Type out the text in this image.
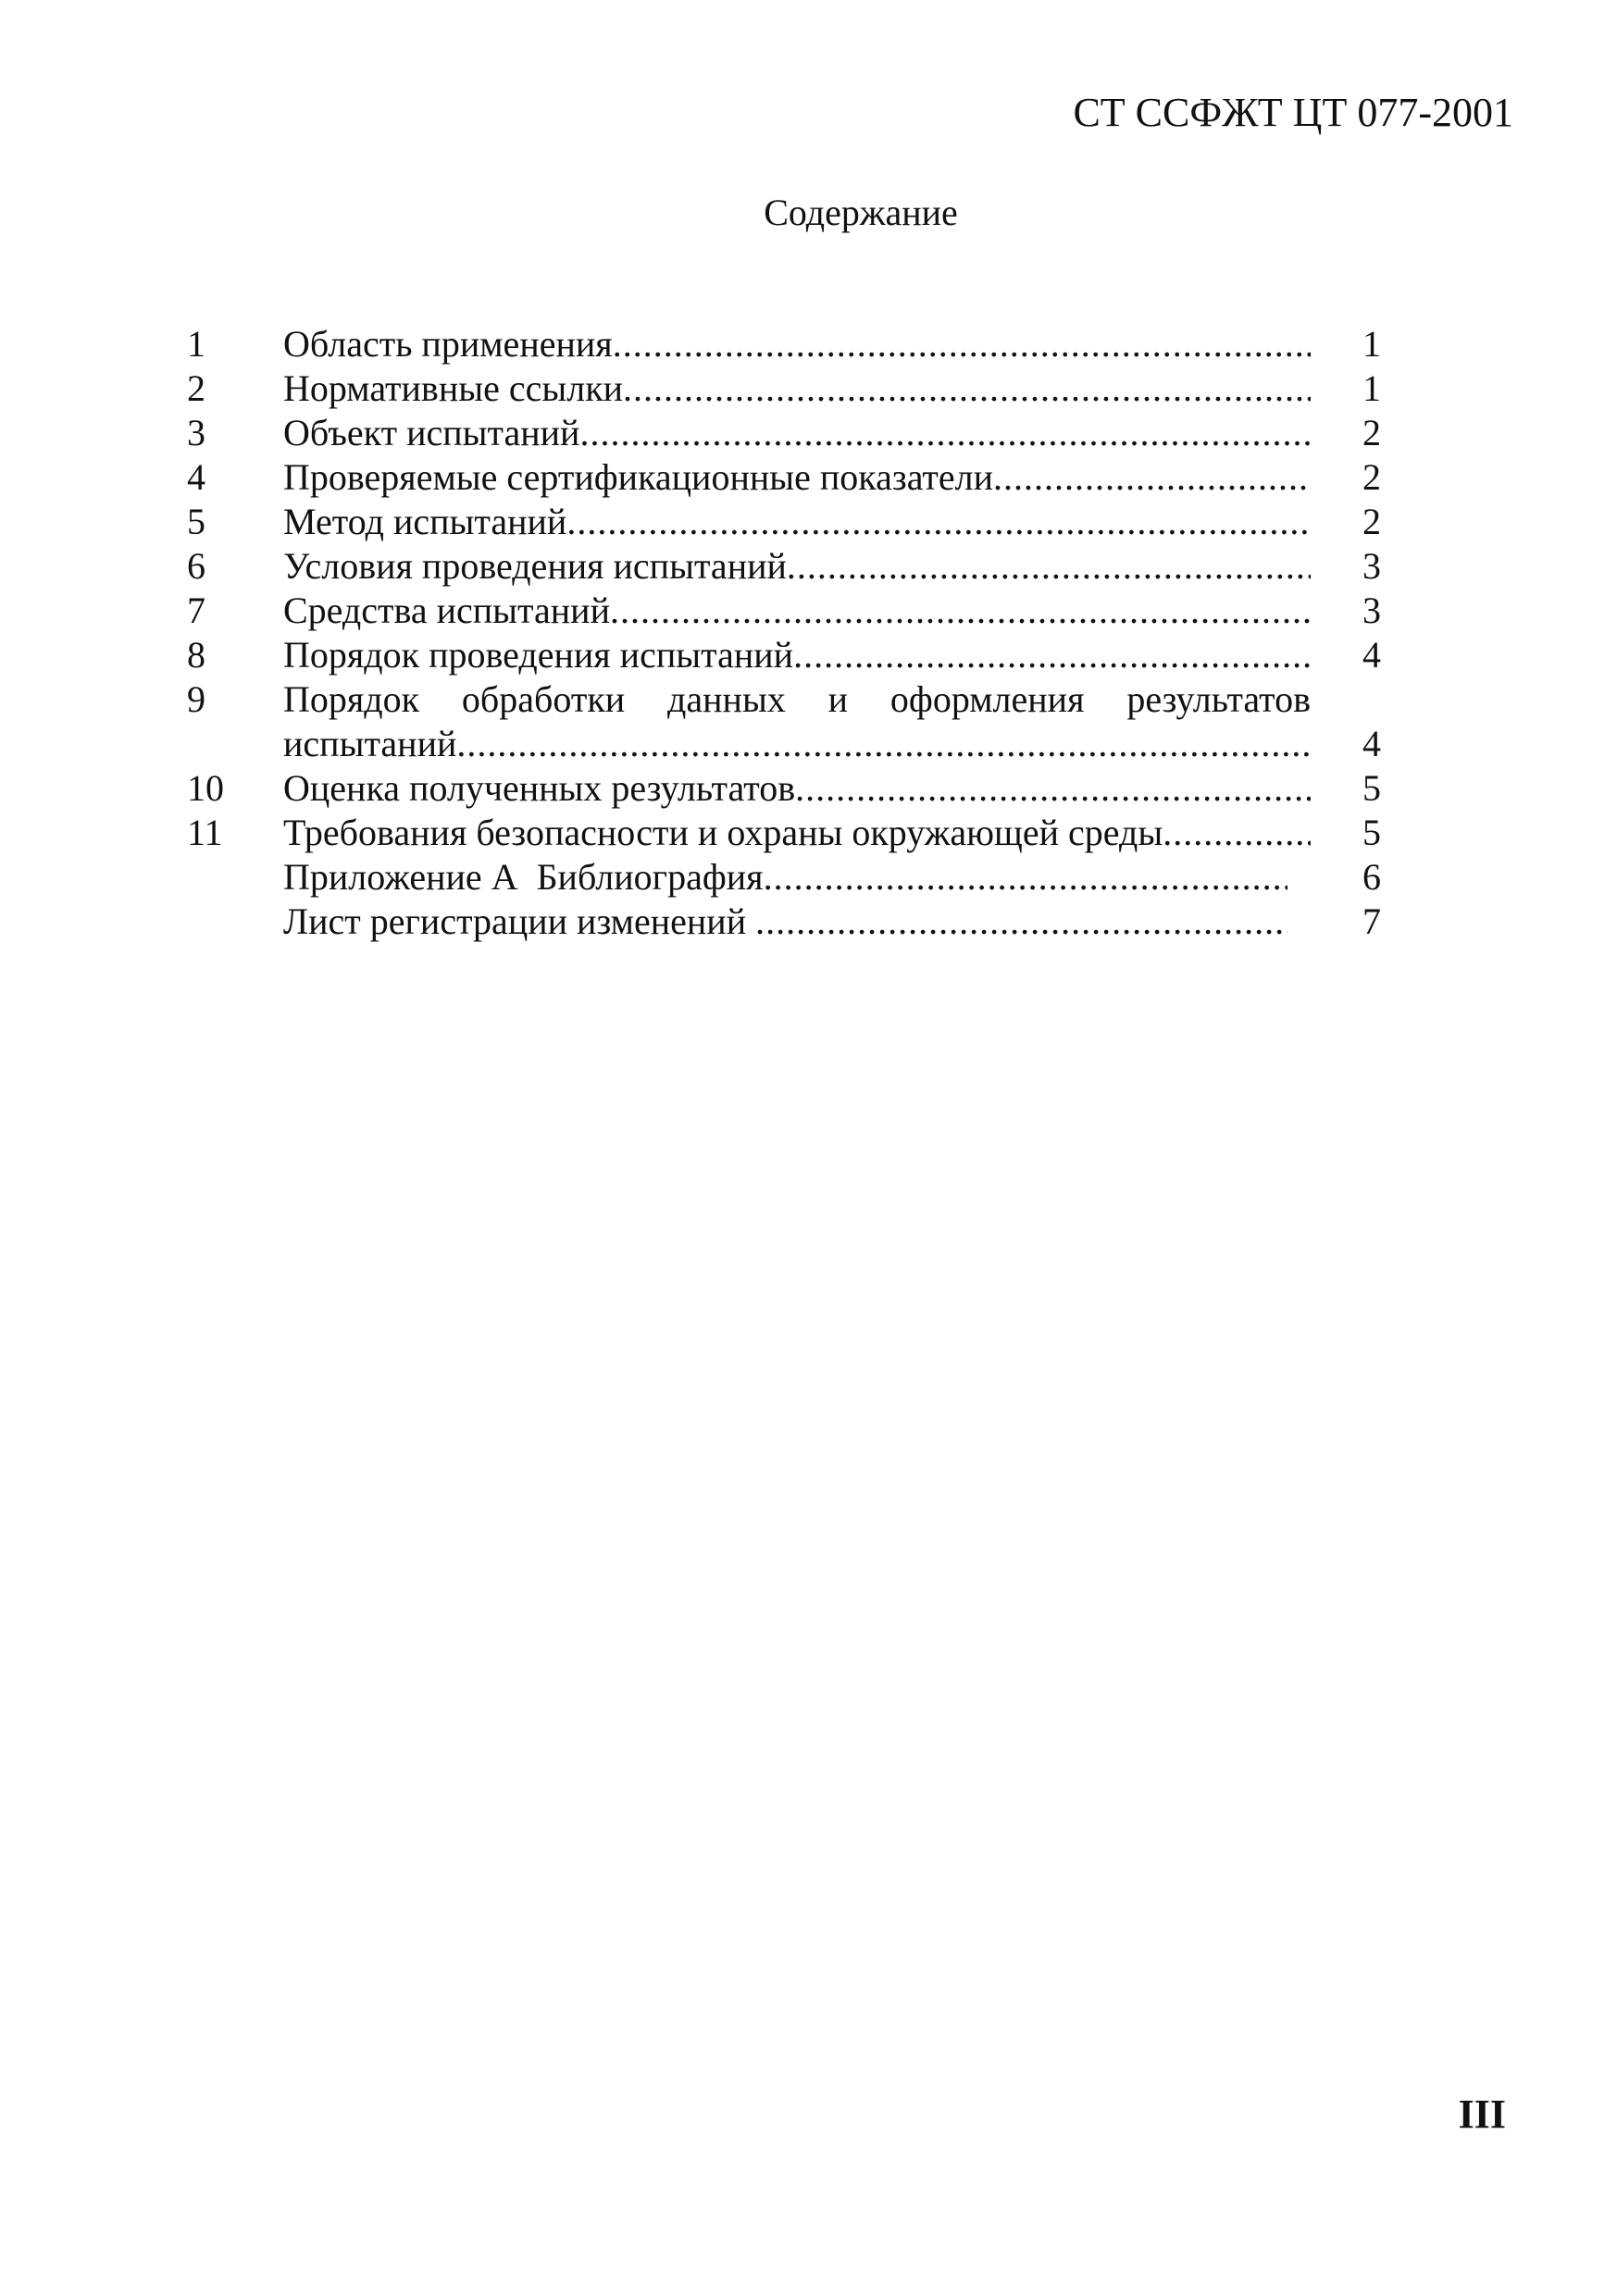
СТ ССФЖТ ЦТ 077-2001
Содержание
1	Область применения .....	1
2	Нормативные ссылки .....	1
3	Объект испытаний .....	2
4	Проверяемые сертификационные показатели .....	2
5	Метод испытаний .....	2
6	Условия проведения испытаний .....	3
7	Средства испытаний .....	3
8	Порядок проведения испытаний .....	4
9	Порядок обработки данных и оформления результатов
испытаний .....	4
10	Оценка полученных результатов .....	5
11	Требования безопасности и охраны окружающей среды .....	5
Приложение А  Библиография .....	6
Лист регистрации изменений .....	7
III
